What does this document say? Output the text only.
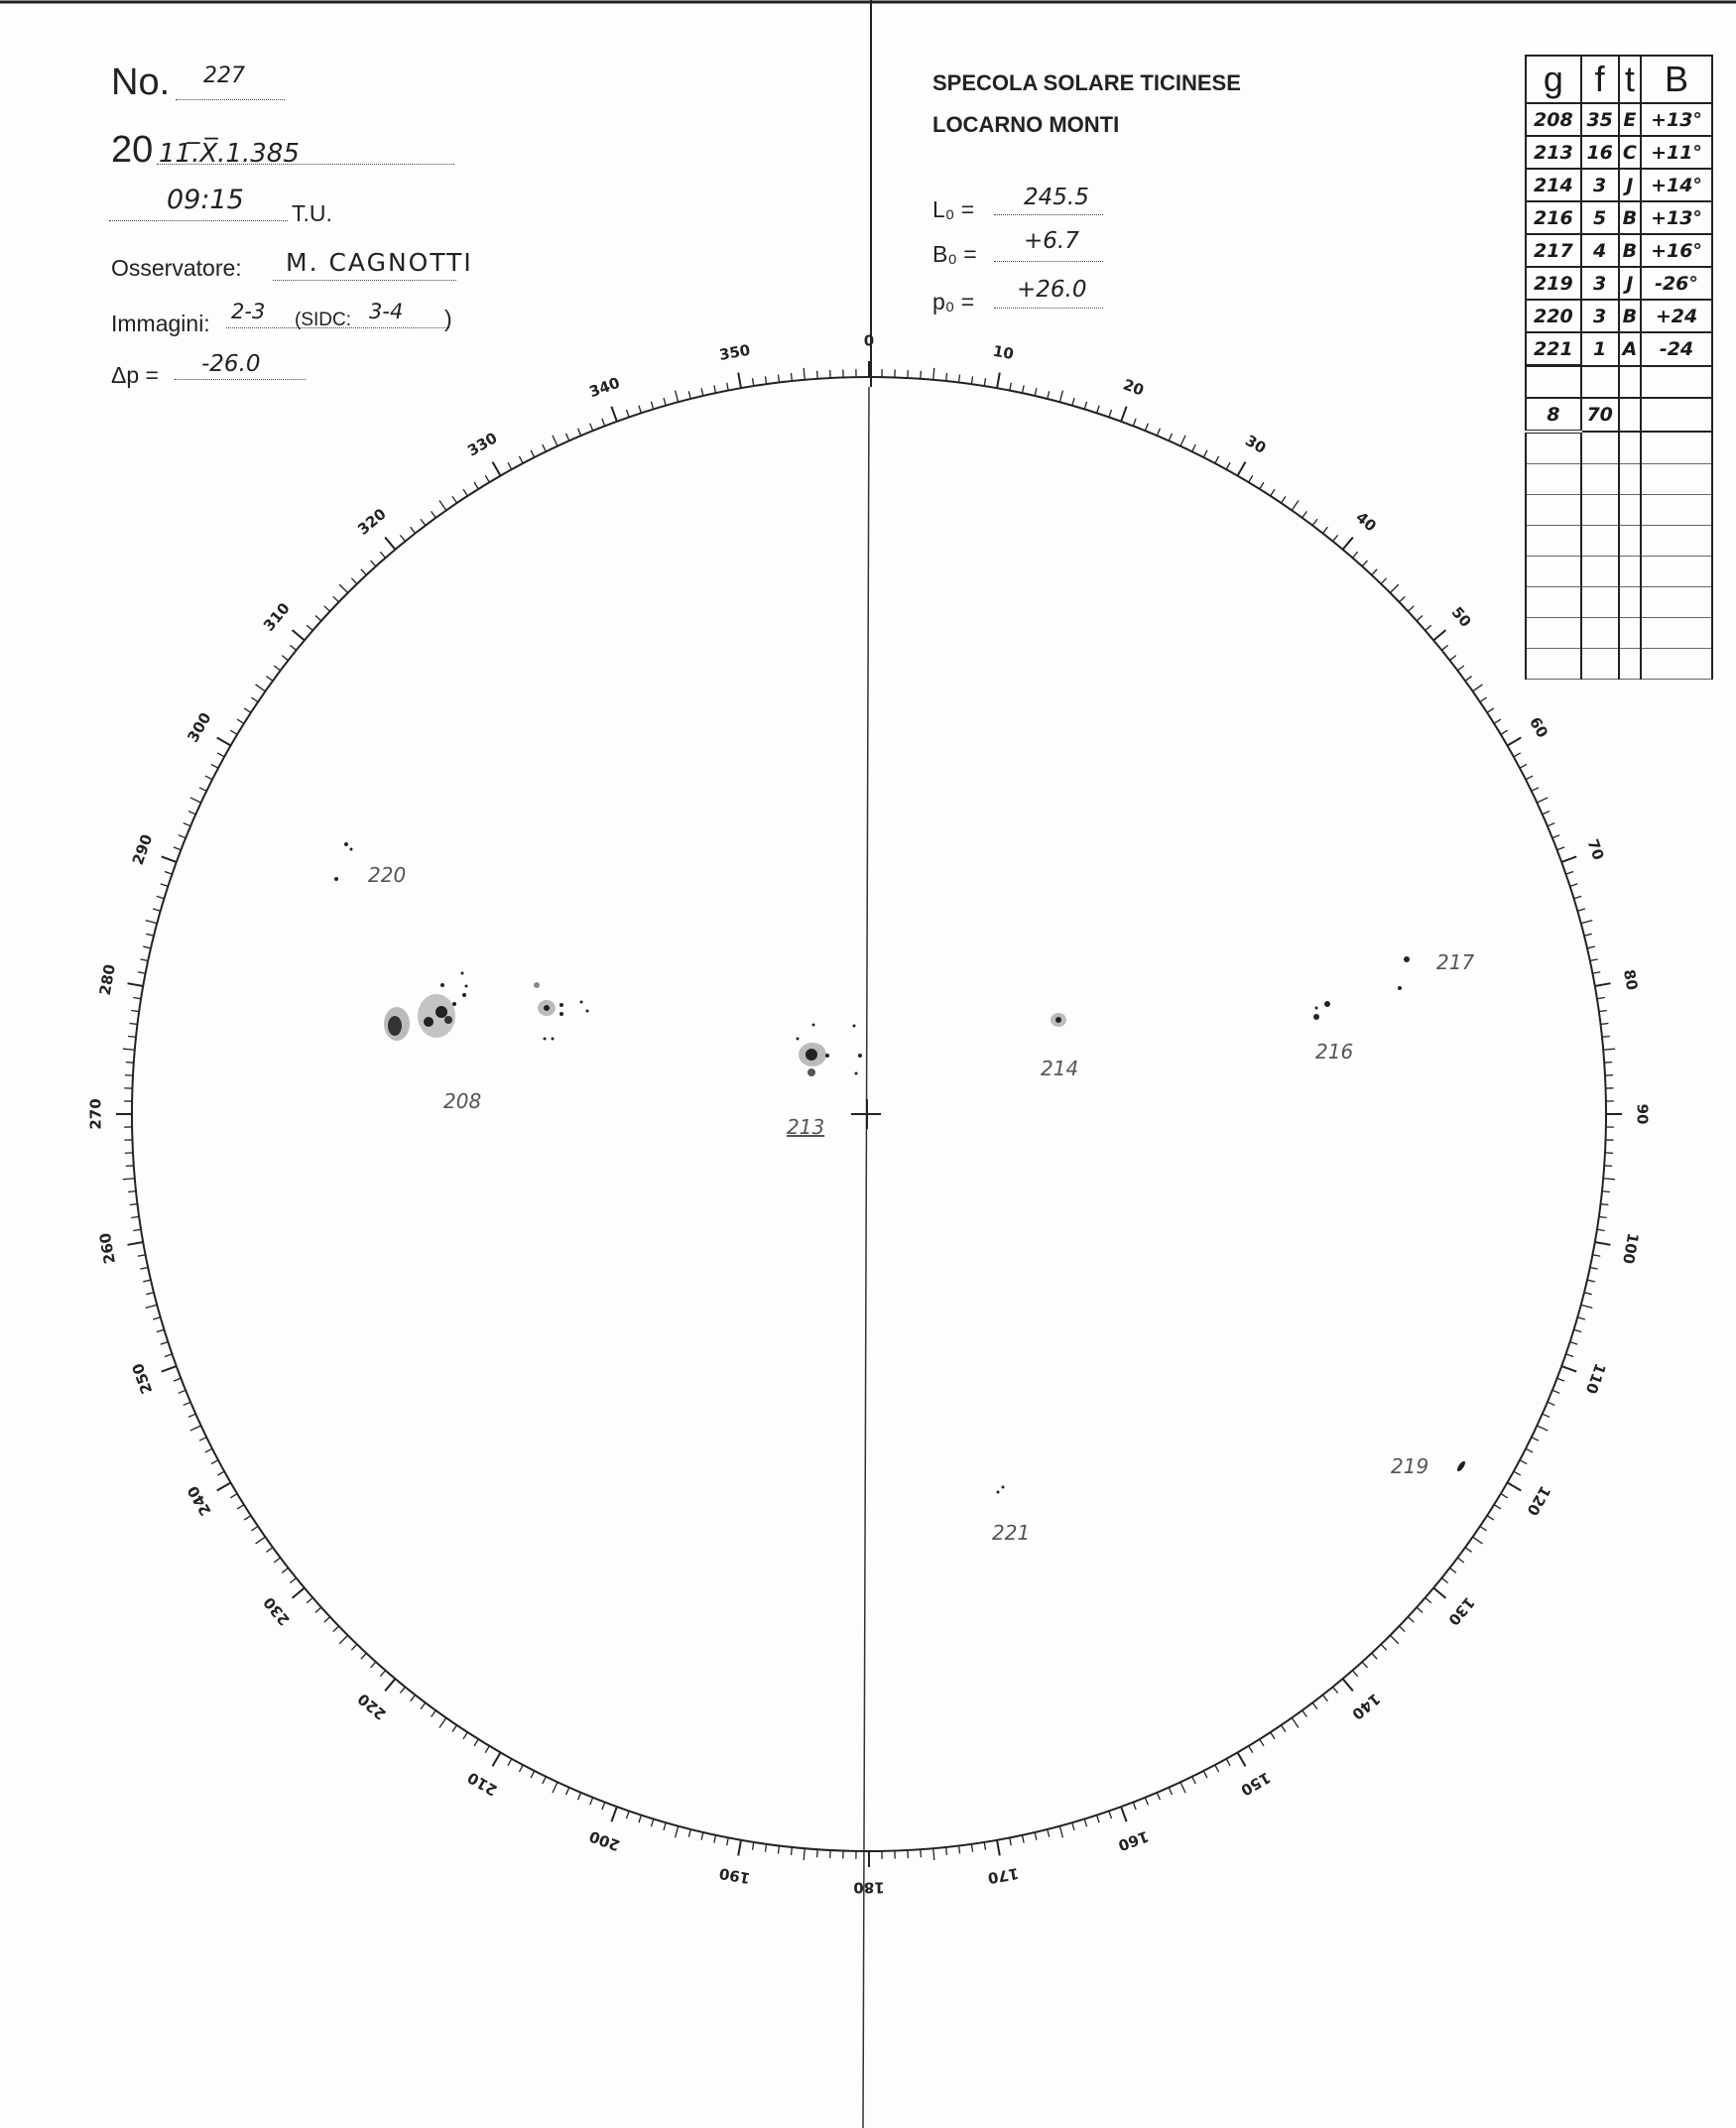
0
10
20
30
40
50
60
70
80
90
100
110
120
130
140
150
160
170
180
190
200
210
220
230
240
250
260
270
280
290
300
310
320
330
340
350
No. 227
20 11.̅X̅.1.385
09:15 T.U.
Osservatore: M. CAGNOTTI
Immagini: 2-3 (SIDC: 3-4 )
Δp = -26.0
SPECOLA SOLARE TICINESE
LOCARNO MONTI
L₀ = 245.5
B₀ = +6.7
p₀ = +26.0
g	f	t	B
208	35	E	+13°
213	16	C	+11°
214	3	J	+14°
216	5	B	+13°
217	4	B	+16°
219	3	J	-26°
220	3	B	+24
221	1	A	-24

8	70		

220
208
213
214
216
217
219
221
